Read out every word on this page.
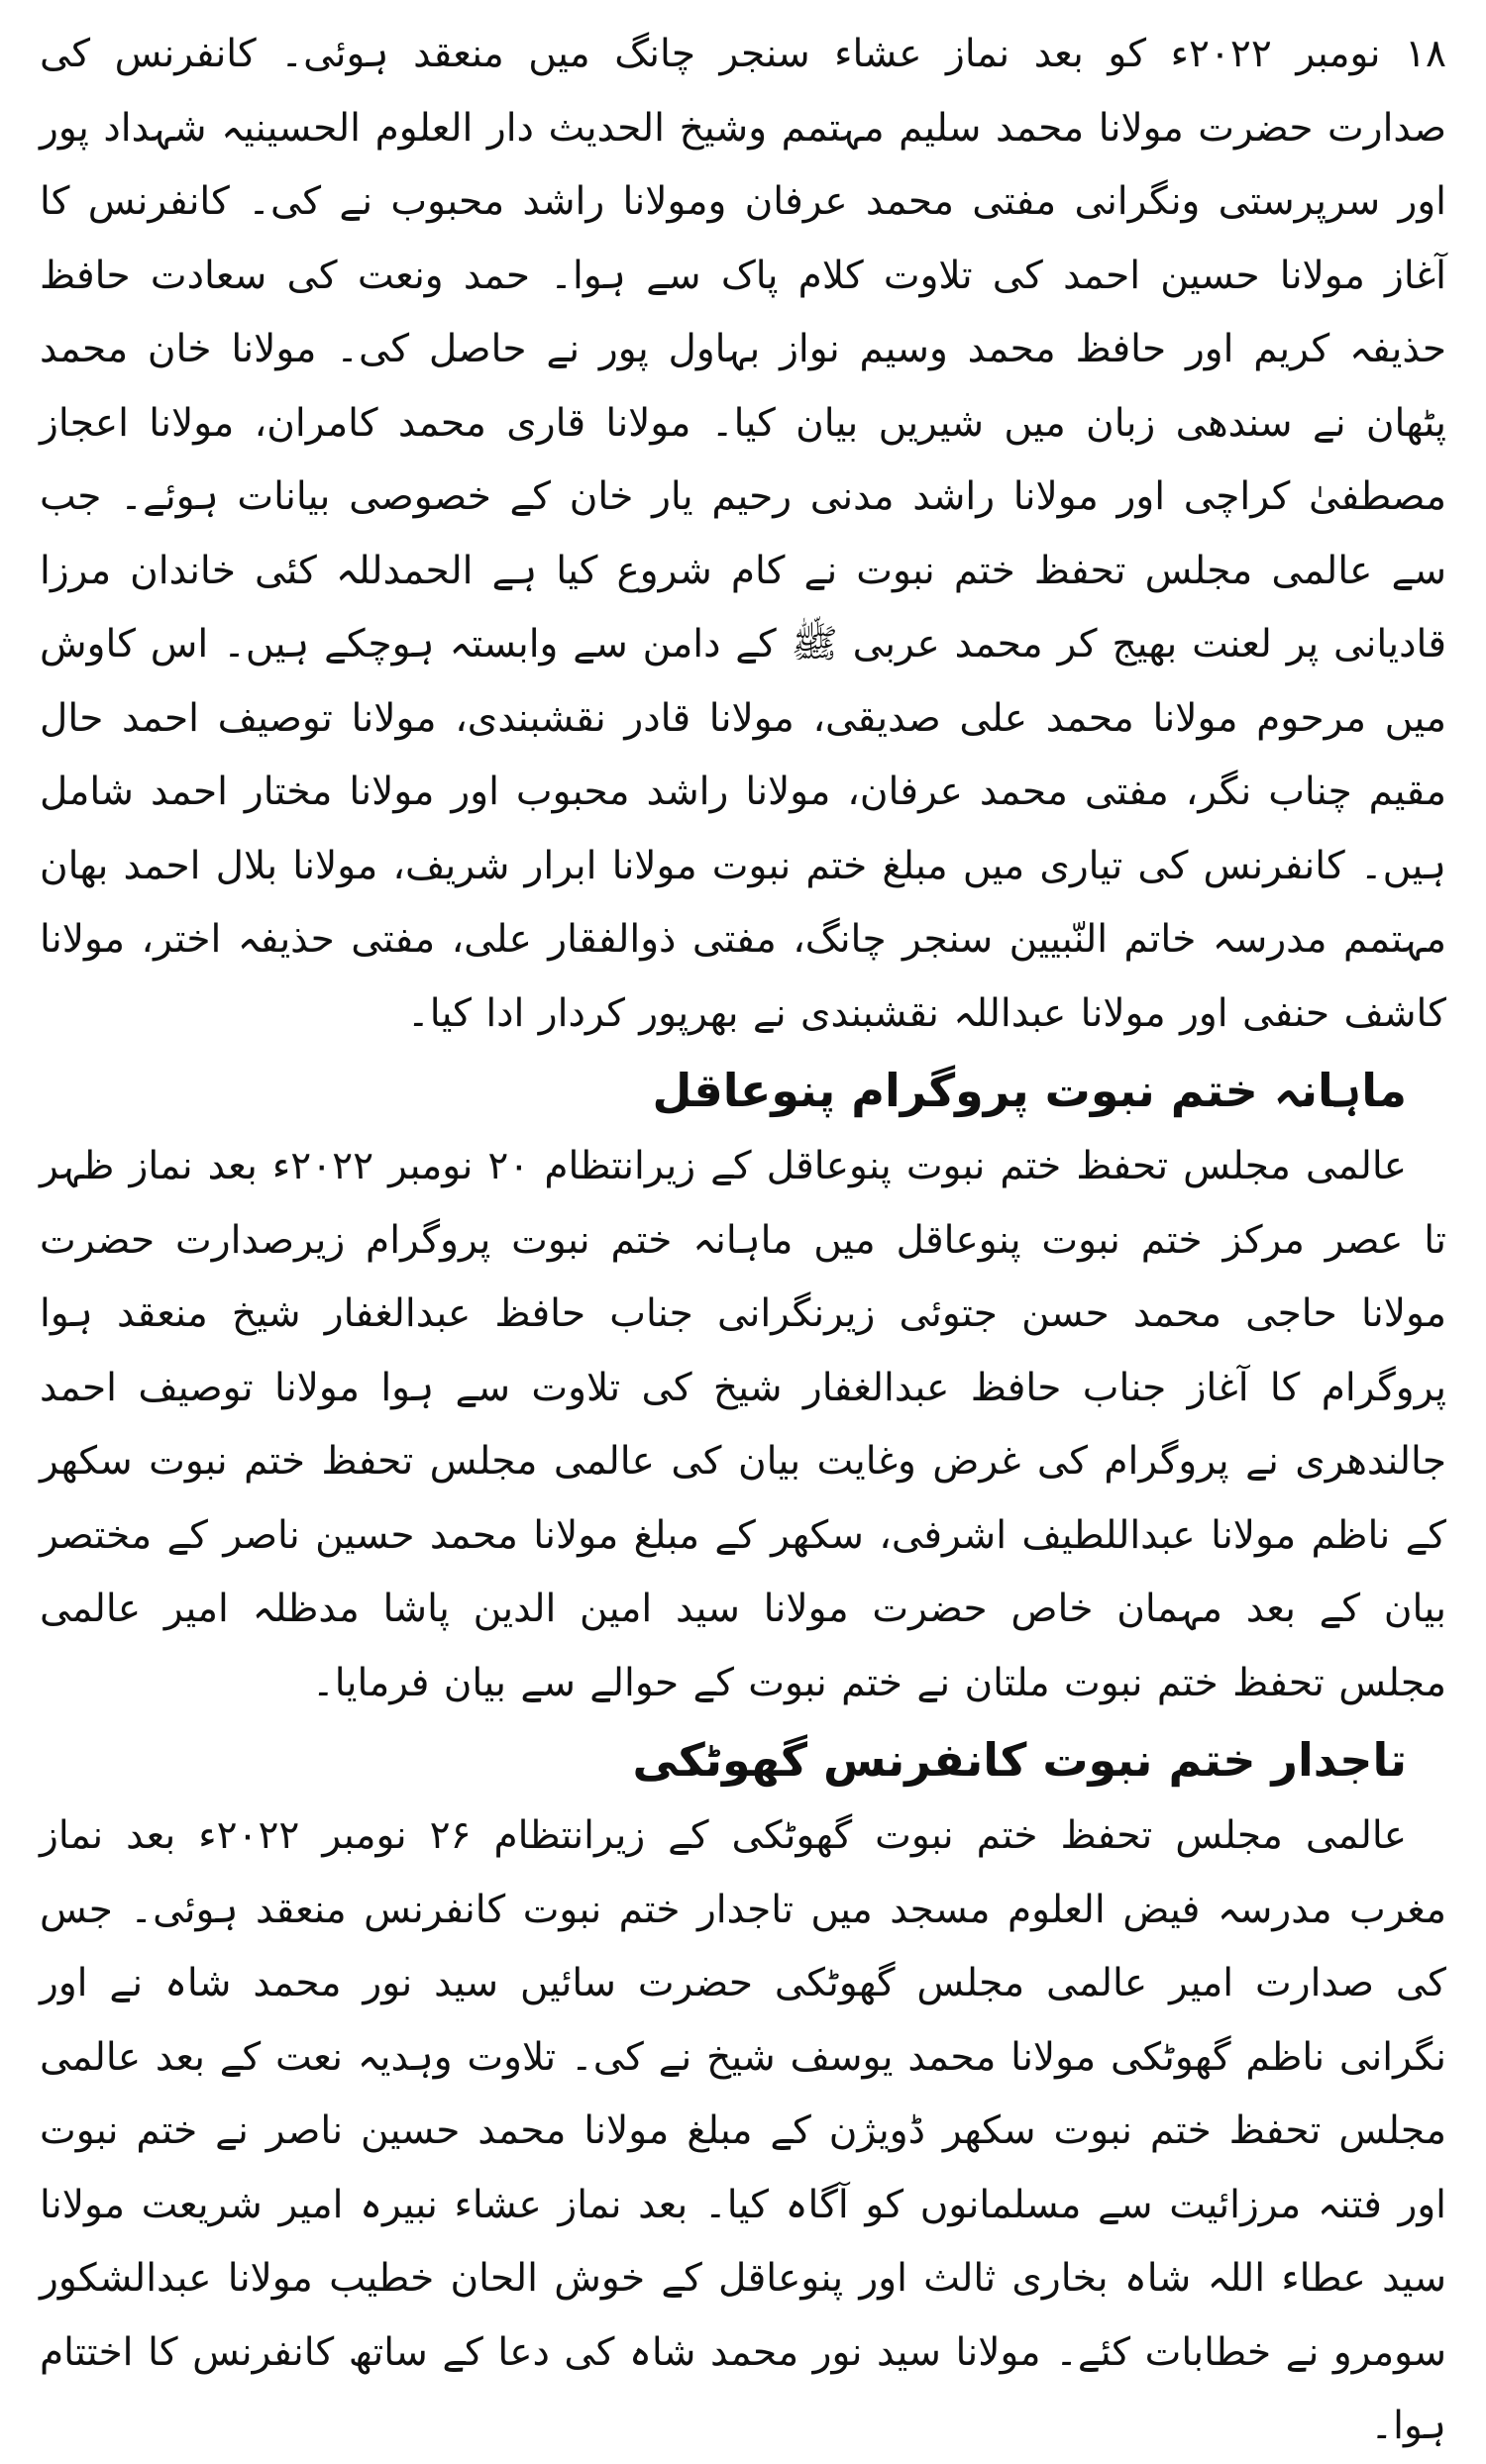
۱۸ نومبر ۲۰۲۲ء کو بعد نماز عشاء سنجر چانگ میں منعقد ہوئی۔ کانفرنس کی صدارت حضرت مولانا محمد سلیم مہتمم وشیخ الحدیث دار العلوم الحسینیہ شہداد پور اور سرپرستی ونگرانی مفتی محمد عرفان ومولانا راشد محبوب نے کی۔ کانفرنس کا آغاز مولانا حسین احمد کی تلاوت کلام پاک سے ہوا۔ حمد ونعت کی سعادت حافظ حذیفہ کریم اور حافظ محمد وسیم نواز بہاول پور نے حاصل کی۔ مولانا خان محمد پٹھان نے سندھی زبان میں شیریں بیان کیا۔ مولانا قاری محمد کامران، مولانا اعجاز مصطفیٰ کراچی اور مولانا راشد مدنی رحیم یار خان کے خصوصی بیانات ہوئے۔ جب سے عالمی مجلس تحفظ ختم نبوت نے کام شروع کیا ہے الحمدللہ کئی خاندان مرزا قادیانی پر لعنت بھیج کر محمد عربی ﷺ کے دامن سے وابستہ ہوچکے ہیں۔ اس کاوش میں مرحوم مولانا محمد علی صدیقی، مولانا قادر نقشبندی، مولانا توصیف احمد حال مقیم چناب نگر، مفتی محمد عرفان، مولانا راشد محبوب اور مولانا مختار احمد شامل ہیں۔ کانفرنس کی تیاری میں مبلغ ختم نبوت مولانا ابرار شریف، مولانا بلال احمد بھان مہتمم مدرسہ خاتم النّبیین سنجر چانگ، مفتی ذوالفقار علی، مفتی حذیفہ اختر، مولانا کاشف حنفی اور مولانا عبداللہ نقشبندی نے بھرپور کردار ادا کیا۔

ماہانہ ختم نبوت پروگرام پنوعاقل

عالمی مجلس تحفظ ختم نبوت پنوعاقل کے زیرانتظام ۲۰ نومبر ۲۰۲۲ء بعد نماز ظہر تا عصر مرکز ختم نبوت پنوعاقل میں ماہانہ ختم نبوت پروگرام زیرصدارت حضرت مولانا حاجی محمد حسن جتوئی زیرنگرانی جناب حافظ عبدالغفار شیخ منعقد ہوا پروگرام کا آغاز جناب حافظ عبدالغفار شیخ کی تلاوت سے ہوا مولانا توصیف احمد جالندھری نے پروگرام کی غرض وغایت بیان کی عالمی مجلس تحفظ ختم نبوت سکھر کے ناظم مولانا عبداللطیف اشرفی، سکھر کے مبلغ مولانا محمد حسین ناصر کے مختصر بیان کے بعد مہمان خاص حضرت مولانا سید امین الدین پاشا مدظلہ امیر عالمی مجلس تحفظ ختم نبوت ملتان نے ختم نبوت کے حوالے سے بیان فرمایا۔

تاجدار ختم نبوت کانفرنس گھوٹکی

عالمی مجلس تحفظ ختم نبوت گھوٹکی کے زیرانتظام ۲۶ نومبر ۲۰۲۲ء بعد نماز مغرب مدرسہ فیض العلوم مسجد میں تاجدار ختم نبوت کانفرنس منعقد ہوئی۔ جس کی صدارت امیر عالمی مجلس گھوٹکی حضرت سائیں سید نور محمد شاہ نے اور نگرانی ناظم گھوٹکی مولانا محمد یوسف شیخ نے کی۔ تلاوت وہدیہ نعت کے بعد عالمی مجلس تحفظ ختم نبوت سکھر ڈویژن کے مبلغ مولانا محمد حسین ناصر نے ختم نبوت اور فتنہ مرزائیت سے مسلمانوں کو آگاہ کیا۔ بعد نماز عشاء نبیرہ امیر شریعت مولانا سید عطاء اللہ شاہ بخاری ثالث اور پنوعاقل کے خوش الحان خطیب مولانا عبدالشکور سومرو نے خطابات کئے۔ مولانا سید نور محمد شاہ کی دعا کے ساتھ کانفرنس کا اختتام ہوا۔
